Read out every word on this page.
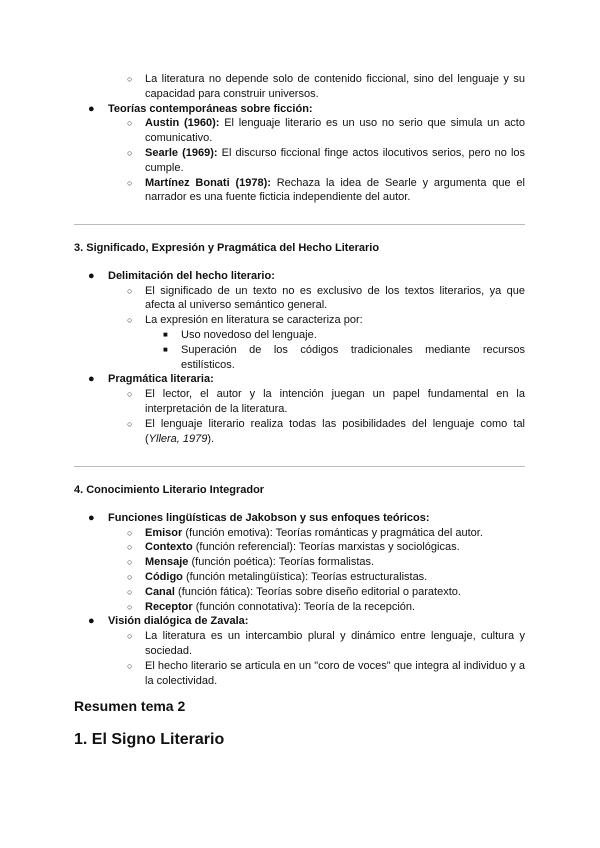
○ La literatura no depende solo de contenido ficcional, sino del lenguaje y su capacidad para construir universos.
● Teorías contemporáneas sobre ficción:
○ Austin (1960): El lenguaje literario es un uso no serio que simula un acto comunicativo.
○ Searle (1969): El discurso ficcional finge actos ilocutivos serios, pero no los cumple.
○ Martínez Bonati (1978): Rechaza la idea de Searle y argumenta que el narrador es una fuente ficticia independiente del autor.
3. Significado, Expresión y Pragmática del Hecho Literario
● Delimitación del hecho literario:
○ El significado de un texto no es exclusivo de los textos literarios, ya que afecta al universo semántico general.
○ La expresión en literatura se caracteriza por:
■ Uso novedoso del lenguaje.
■ Superación de los códigos tradicionales mediante recursos estilísticos.
● Pragmática literaria:
○ El lector, el autor y la intención juegan un papel fundamental en la interpretación de la literatura.
○ El lenguaje literario realiza todas las posibilidades del lenguaje como tal (Yllera, 1979).
4. Conocimiento Literario Integrador
● Funciones lingüísticas de Jakobson y sus enfoques teóricos:
○ Emisor (función emotiva): Teorías románticas y pragmática del autor.
○ Contexto (función referencial): Teorías marxistas y sociológicas.
○ Mensaje (función poética): Teorías formalistas.
○ Código (función metalingüística): Teorías estructuralistas.
○ Canal (función fática): Teorías sobre diseño editorial o paratexto.
○ Receptor (función connotativa): Teoría de la recepción.
● Visión dialógica de Zavala:
○ La literatura es un intercambio plural y dinámico entre lenguaje, cultura y sociedad.
○ El hecho literario se articula en un "coro de voces" que integra al individuo y a la colectividad.
Resumen tema 2
1. El Signo Literario
